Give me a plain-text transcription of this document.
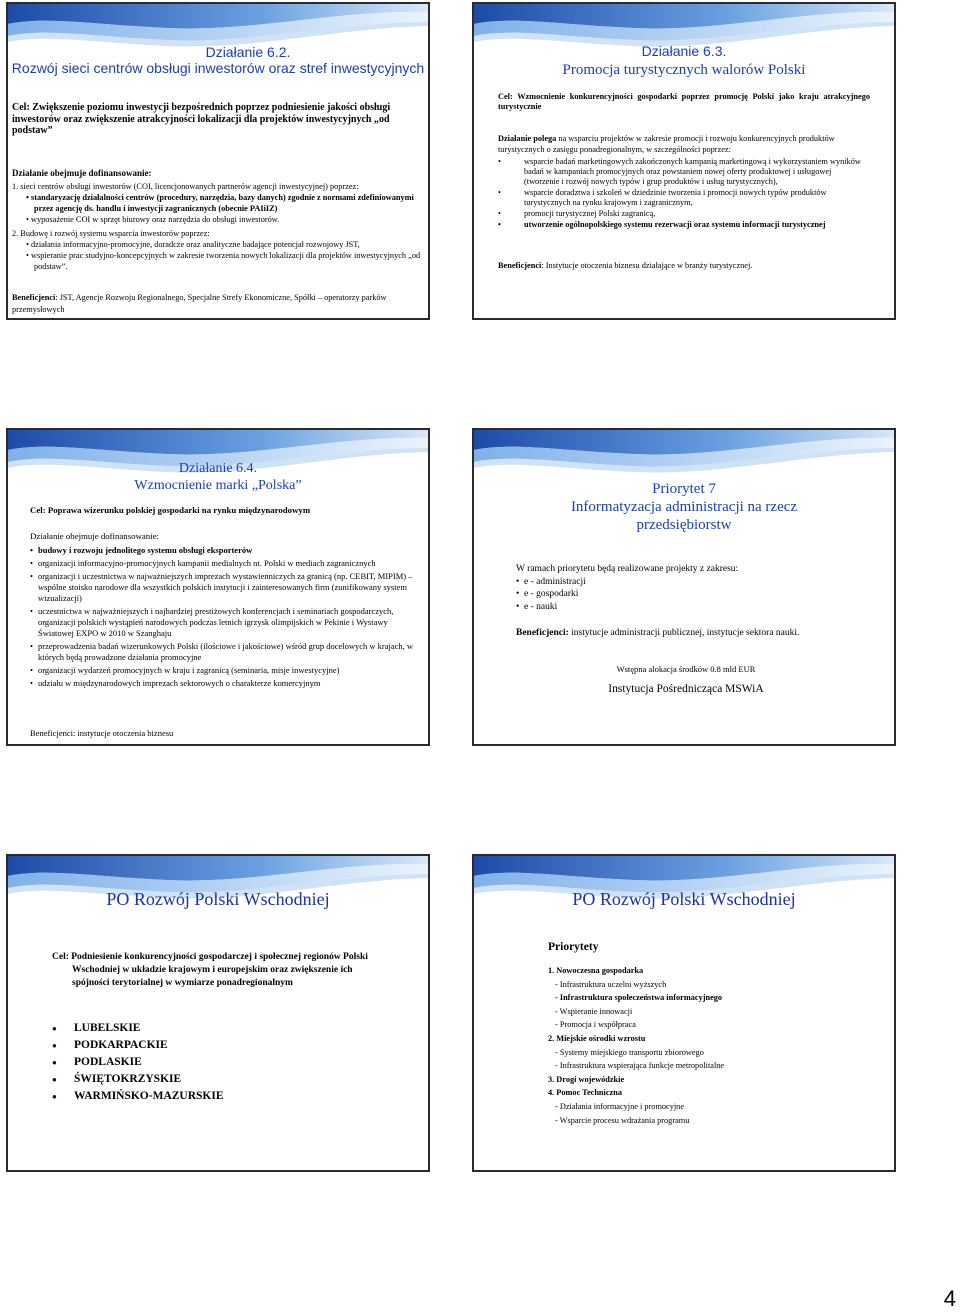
Działanie 6.2.
Rozwój sieci centrów obsługi inwestorów oraz stref inwestycyjnych
Cel: Zwiększenie poziomu inwestycji bezpośrednich poprzez podniesienie jakości obsługi inwestorów oraz zwiększenie atrakcyjności lokalizacji dla projektów inwestycyjnych „od podstaw”
Działanie obejmuje dofinansowanie:
1. sieci centrów obsługi inwestorów (COI, licencjonowanych partnerów agencji inwestycyjnej) poprzez:
• standaryzację działalności centrów (procedury, narzędzia, bazy danych) zgodnie z normami zdefiniowanymi przez agencję ds. handlu i inwestycji zagranicznych (obecnie PAIiIZ)
• wyposażenie COI w sprzęt biurowy oraz narzędzia do obsługi inwestorów.
2. Budowę i rozwój systemu wsparcia inwestorów poprzez:
• działania informacyjno-promocyjne, doradcze oraz analityczne badające potencjał rozwojowy JST,
• wspieranie prac studyjno-koncepcyjnych w zakresie tworzenia nowych lokalizacji dla projektów inwestycyjnych „od podstaw”.
Beneficjenci: JST, Agencje Rozwoju Regionalnego, Specjalne Strefy Ekonomiczne, Spółki – operatorzy parków przemysłowych
Działanie 6.3.
Promocja turystycznych walorów Polski
Cel: Wzmocnienie konkurencyjności gospodarki poprzez promocję Polski jako kraju atrakcyjnego turystycznie
Działanie polega na wsparciu projektów w zakresie promocji i rozwoju konkurencyjnych produktów turystycznych o zasięgu ponadregionalnym, w szczególności poprzez:
• wsparcie badań marketingowych zakończonych kampanią marketingową i wykorzystaniem wyników badań w kampaniach promocyjnych oraz powstaniem nowej oferty produktowej i usługowej (tworzenie i rozwój nowych typów i grup produktów i usług turystycznych),
• wsparcie doradztwa i szkoleń w dziedzinie tworzenia i promocji nowych typów produktów turystycznych na rynku krajowym i zagranicznym,
• promocji turystycznej Polski zagranicą,
• utworzenie ogólnopolskiego systemu rezerwacji oraz systemu informacji turystycznej
Beneficjenci: Instytucje otoczenia biznesu działające w branży turystycznej.
Działanie 6.4.
Wzmocnienie marki „Polska”
Cel: Poprawa wizerunku polskiej gospodarki na rynku międzynarodowym
Działanie obejmuje dofinansowanie:
• budowy i rozwoju jednolitego systemu obsługi eksporterów
• organizacji informacyjno-promocyjnych kampanii medialnych nt. Polski w mediach zagranicznych
• organizacji i uczestnictwa w najważniejszych imprezach wystawienniczych za granicą (np. CEBIT, MIPIM) – wspólne stoisko narodowe dla wszystkich polskich instytucji i zainteresowanych firm (zunifikowany system wizualizacji)
• uczestnictwa w najważniejszych i najbardziej prestiżowych konferencjach i seminariach gospodarczych, organizacji polskich wystąpień narodowych podczas letnich igrzysk olimpijskich w Pekinie i Wystawy Światowej EXPO w 2010 w Szanghaju
• przeprowadzenia badań wizerunkowych Polski (ilościowe i jakościowe) wśród grup docelowych w krajach, w których będą prowadzone działania promocyjne
• organizacji wydarzeń promocyjnych w kraju i zagranicą (seminaria, misje inwestycyjne)
• udziału w międzynarodowych imprezach sektorowych o charakterze komercyjnym
Beneficjenci: instytucje otoczenia biznesu
Priorytet 7
Informatyzacja administracji na rzecz przedsiębiorstw
W ramach priorytetu będą realizowane projekty z zakresu:
• e - administracji
• e - gospodarki
• e - nauki
Beneficjenci: instytucje administracji publicznej, instytucje sektora nauki.
Wstępna alokacja środków 0.8 mld EUR
Instytucja Pośrednicząca MSWiA
PO Rozwój Polski Wschodniej
Cel: Podniesienie konkurencyjności gospodarczej i społecznej regionów Polski Wschodniej w układzie krajowym i europejskim oraz zwiększenie ich spójności terytorialnej w wymiarze ponadregionalnym
● LUBELSKIE
● PODKARPACKIE
● PODLASKIE
● ŚWIĘTOKRZYSKIE
● WARMIŃSKO-MAZURSKIE
PO Rozwój Polski Wschodniej
Priorytety
1. Nowoczesna gospodarka
- Infrastruktura uczelni wyższych
- Infrastruktura społeczeństwa informacyjnego
- Wspieranie innowacji
- Promocja i współpraca
2. Miejskie ośrodki wzrostu
- Systemy miejskiego transportu zbiorowego
- Infrastruktura wspierająca funkcje metropolitalne
3. Drogi wojewódzkie
4. Pomoc Techniczna
- Działania informacyjne i promocyjne
- Wsparcie procesu wdrażania programu
4
